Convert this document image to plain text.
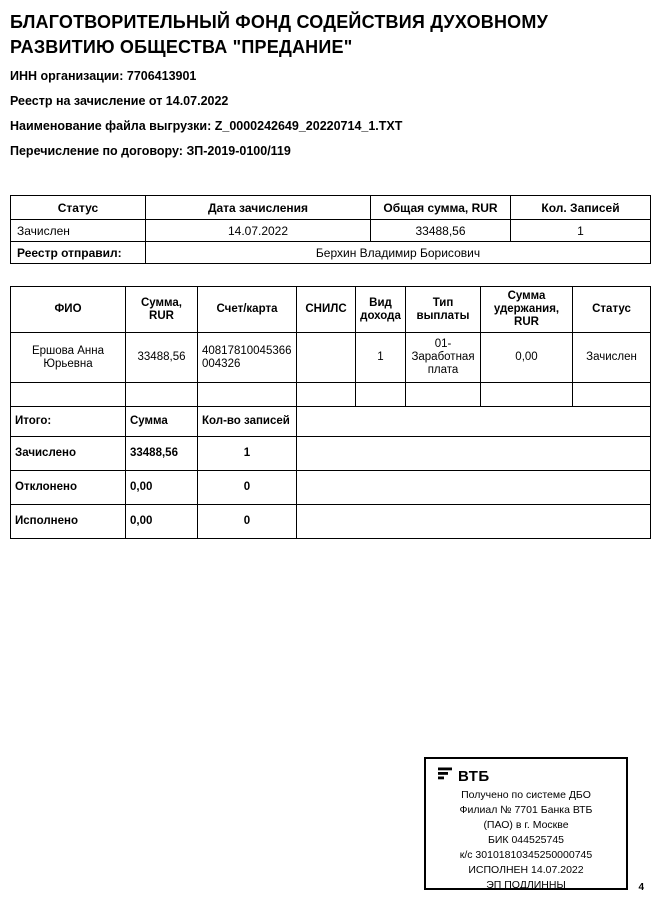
БЛАГОТВОРИТЕЛЬНЫЙ ФОНД СОДЕЙСТВИЯ ДУХОВНОМУ РАЗВИТИЮ ОБЩЕСТВА "ПРЕДАНИЕ"
ИНН организации: 7706413901
Реестр на зачисление от 14.07.2022
Наименование файла выгрузки: Z_0000242649_20220714_1.TXT
Перечисление по договору: ЗП-2019-0100/119
Статус	Дата зачисления	Общая сумма, RUR	Кол. Записей
Зачислен	14.07.2022	33488,56	1
Реестр отправил:	Берхин Владимир Борисович		
ФИО	Сумма, RUR	Счет/карта	СНИЛС	Вид дохода	Тип выплаты	Сумма удержания, RUR	Статус
Ершова Анна Юрьевна	33488,56	40817810045366004326		1	01-Заработная плата	0,00	Зачислен

Итого:	Сумма	Кол-во записей					
Зачислено	33488,56	1					
Отклонено	0,00	0					
Исполнено	0,00	0					
ВТБ
Получено по системе ДБО
Филиал № 7701 Банка ВТБ
(ПАО) в г. Москве
БИК 044525745
к/с 30101810345250000745
ИСПОЛНЕН 14.07.2022
ЭП ПОДЛИННЫ	4
